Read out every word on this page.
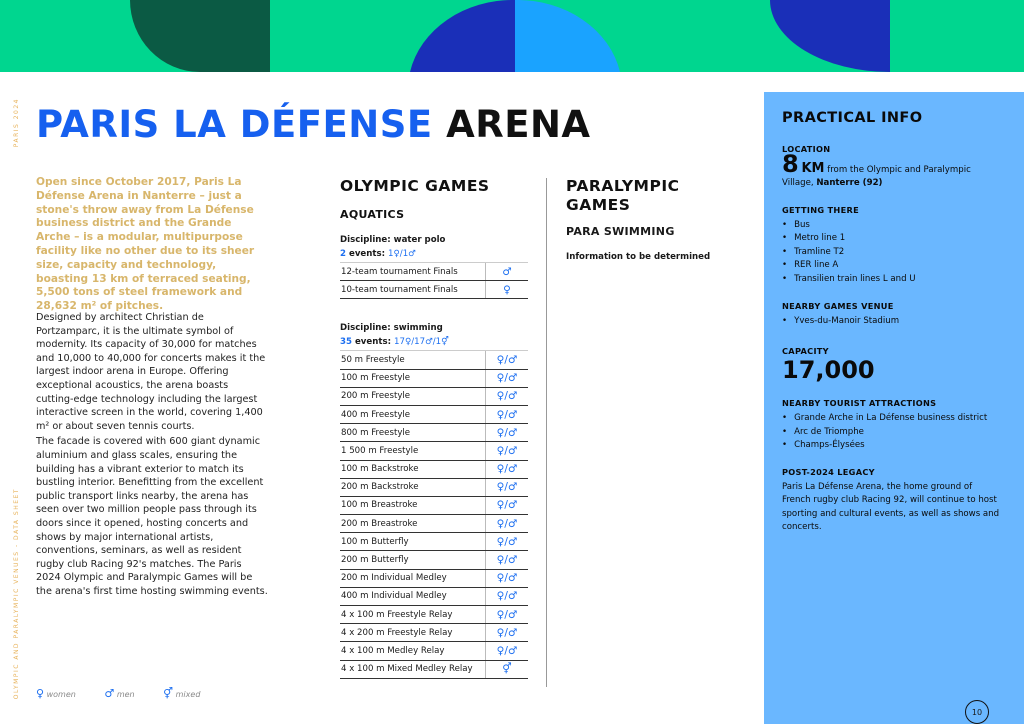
PARIS 2024
OLYMPIC AND PARALYMPIC VENUES - DATA SHEET
PARIS LA DÉFENSE ARENA
Open since October 2017, Paris La Défense Arena in Nanterre – just a stone's throw away from La Défense business district and the Grande Arche – is a modular, multipurpose facility like no other due to its sheer size, capacity and technology, boasting 13 km of terraced seating, 5,500 tons of steel framework and 28,632 m² of pitches.

Designed by architect Christian de Portzamparc, it is the ultimate symbol of modernity. Its capacity of 30,000 for matches and 10,000 to 40,000 for concerts makes it the largest indoor arena in Europe. Offering exceptional acoustics, the arena boasts cutting-edge technology including the largest interactive screen in the world, covering 1,400 m² or about seven tennis courts.

The facade is covered with 600 giant dynamic aluminium and glass scales, ensuring the building has a vibrant exterior to match its bustling interior. Benefitting from the excellent public transport links nearby, the arena has seen over two million people pass through its doors since it opened, hosting concerts and shows by major international artists, conventions, seminars, as well as resident rugby club Racing 92's matches. The Paris 2024 Olympic and Paralympic Games will be the arena's first time hosting swimming events.

♀ women	♂ men	⚥ mixed
OLYMPIC GAMES
AQUATICS
Discipline: water polo
2 events: 1♀/1♂
12-team tournament Finals	♂
10-team tournament Finals	♀
Discipline: swimming
35 events: 17♀/17♂/1⚥
50 m Freestyle	♀/♂
100 m Freestyle	♀/♂
200 m Freestyle	♀/♂
400 m Freestyle	♀/♂
800 m Freestyle	♀/♂
1 500 m Freestyle	♀/♂
100 m Backstroke	♀/♂
200 m Backstroke	♀/♂
100 m Breastroke	♀/♂
200 m Breastroke	♀/♂
100 m Butterfly	♀/♂
200 m Butterfly	♀/♂
200 m Individual Medley	♀/♂
400 m Individual Medley	♀/♂
4 x 100 m Freestyle Relay	♀/♂
4 x 200 m Freestyle Relay	♀/♂
4 x 100 m Medley Relay	♀/♂
4 x 100 m Mixed Medley Relay	⚥
PARALYMPIC GAMES
PARA SWIMMING
Information to be determined
PRACTICAL INFO
LOCATION
8 KM from the Olympic and Paralympic Village, Nanterre (92)
GETTING THERE
• Bus
• Metro line 1
• Tramline T2
• RER line A
• Transilien train lines L and U
NEARBY GAMES VENUE
• Yves-du-Manoir Stadium
CAPACITY
17,000
NEARBY TOURIST ATTRACTIONS
• Grande Arche in La Défense business district
• Arc de Triomphe
• Champs-Élysées
POST-2024 LEGACY
Paris La Défense Arena, the home ground of French rugby club Racing 92, will continue to host sporting and cultural events, as well as shows and concerts.
10
